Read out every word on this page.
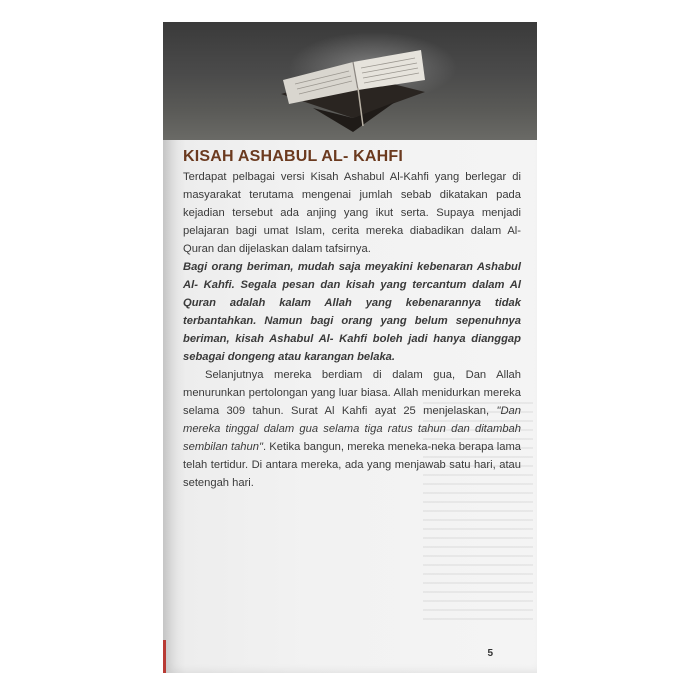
KISAH ASHABUL AL- KAHFI

Terdapat pelbagai versi Kisah Ashabul Al-Kahfi yang berlegar di masyarakat terutama mengenai jumlah sebab dikatakan pada kejadian tersebut ada anjing yang ikut serta. Supaya menjadi pelajaran bagi umat Islam, cerita mereka diabadikan dalam Al-Quran dan dijelaskan dalam tafsirnya.

Bagi orang beriman, mudah saja meyakini kebenaran Ashabul Al- Kahfi. Segala pesan dan kisah yang tercantum dalam Al Quran adalah kalam Allah yang kebenarannya tidak terbantahkan. Namun bagi orang yang belum sepenuhnya beriman, kisah Ashabul Al- Kahfi boleh jadi hanya dianggap sebagai dongeng atau karangan belaka.

Selanjutnya mereka berdiam di dalam gua, Dan Allah menurunkan pertolongan yang luar biasa. Allah menidurkan mereka selama 309 tahun. Surat Al Kahfi ayat 25 menjelaskan, "Dan mereka tinggal dalam gua selama tiga ratus tahun dan ditambah sembilan tahun". Ketika bangun, mereka meneka-neka berapa lama telah tertidur. Di antara mereka, ada yang menjawab satu hari, atau setengah hari.

5
